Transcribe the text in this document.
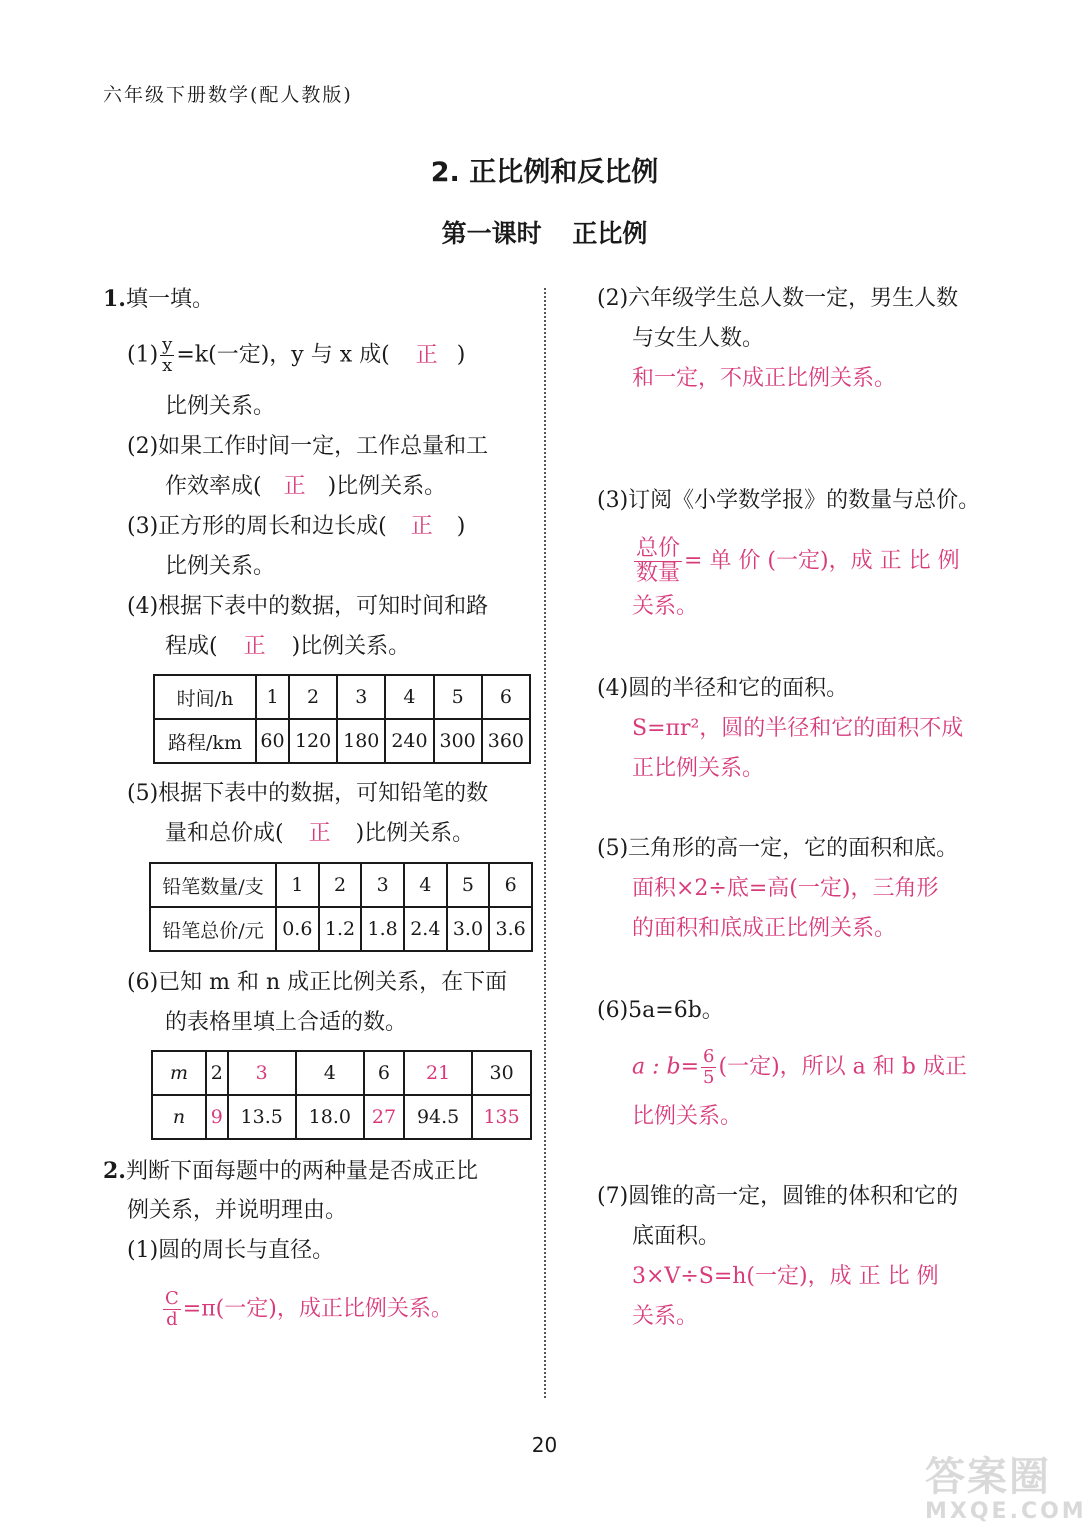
六年级下册数学(配人教版)
2. 正比例和反比例
第一课时 正比例
1.填一填。
$(1) \frac{y}{x} =k$(一定)，y 与 x 成( 正 )
比例关系。
(2)如果工作时间一定，工作总量和工
作效率成( 正 )比例关系。
(3)正方形的周长和边长成( 正 )
比例关系。
(4)根据下表中的数据，可知时间和路
程成( 正 )比例关系。
时间/h	1	2	3	4	5	6
路程/km	60	120	180	240	300	360
(5)根据下表中的数据，可知铅笔的数
量和总价成( 正 )比例关系。
铅笔数量/支	1	2	3	4	5	6
铅笔总价/元	0.6	1.2	1.8	2.4	3.0	3.6
(6)已知 m 和 n 成正比例关系，在下面
的表格里填上合适的数。
m	2	3	4	6	21	30
n	9	13.5	18.0	27	94.5	135
2.判断下面每题中的两种量是否成正比
例关系，并说明理由。
(1)圆的周长与直径。
$\frac{C}{d} =\pi$(一定)，成正比例关系。
(2)六年级学生总人数一定，男生人数
与女生人数。
和一定，不成正比例关系。
(3)订阅《小学数学报》的数量与总价。
$\frac{\text{总价}}{\text{数量}}$ = 单 价 (一定)，成 正 比 例
关系。
(4)圆的半径和它的面积。
S=πr²，圆的半径和它的面积不成
正比例关系。
(5)三角形的高一定，它的面积和底。
面积×2÷底=高(一定)，三角形
的面积和底成正比例关系。
(6)5a=6b。
a : $b= \frac{6}{5}$ (一定)，所以 a 和 b 成正
比例关系。
(7)圆锥的高一定，圆锥的体积和它的
底面积。
3×V÷S=h(一定)，成 正 比 例
关系。
20
答案圈
MXQE.COM
